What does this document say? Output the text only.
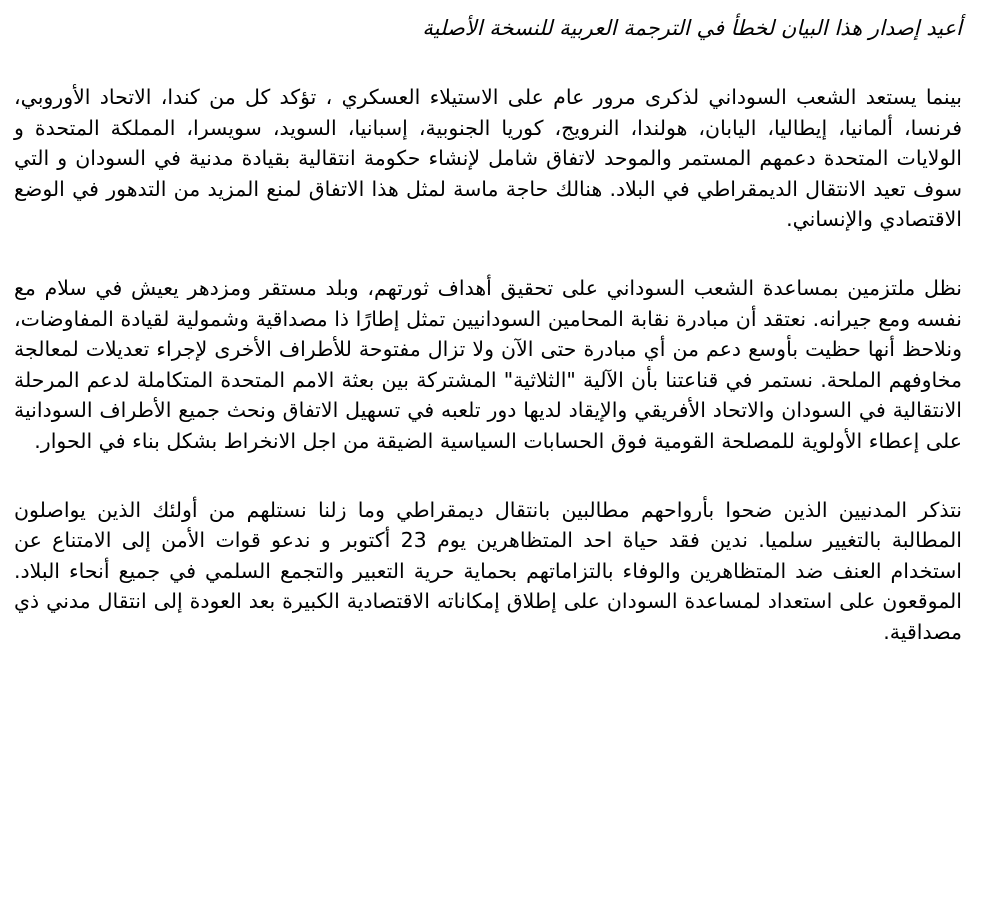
أعيد إصدار هذا البيان لخطأ في الترجمة العربية للنسخة الأصلية

بينما يستعد الشعب السوداني لذكرى مرور عام على الاستيلاء العسكري ، تؤكد كل من كندا، الاتحاد الأوروبي، فرنسا، ألمانيا، إيطاليا، اليابان، هولندا، النرويج، كوريا الجنوبية، إسبانيا، السويد، سويسرا، المملكة المتحدة و الولايات المتحدة دعمهم المستمر والموحد لاتفاق شامل لإنشاء حكومة انتقالية بقيادة مدنية في السودان و التي سوف تعيد الانتقال الديمقراطي في البلاد. هنالك حاجة ماسة لمثل هذا الاتفاق لمنع المزيد من التدهور في الوضع الاقتصادي والإنساني.

نظل ملتزمين بمساعدة الشعب السوداني على تحقيق أهداف ثورتهم، وبلد مستقر ومزدهر يعيش في سلام مع نفسه ومع جيرانه. نعتقد أن مبادرة نقابة المحامين السودانيين تمثل إطارًا ذا مصداقية وشمولية لقيادة المفاوضات، ونلاحظ أنها حظيت بأوسع دعم من أي مبادرة حتى الآن ولا تزال مفتوحة للأطراف الأخرى لإجراء تعديلات لمعالجة مخاوفهم الملحة. نستمر في قناعتنا بأن الآلية "الثلاثية" المشتركة بين بعثة الامم المتحدة المتكاملة لدعم المرحلة الانتقالية في السودان والاتحاد الأفريقي والإيقاد لديها دور تلعبه في تسهيل الاتفاق ونحث جميع الأطراف السودانية على إعطاء الأولوية للمصلحة القومية فوق الحسابات السياسية الضيقة من اجل الانخراط بشكل بناء في الحوار.

نتذكر المدنيين الذين ضحوا بأرواحهم مطالبين بانتقال ديمقراطي وما زلنا نستلهم من أولئك الذين يواصلون المطالبة بالتغيير سلميا. ندين فقد حياة احد المتظاهرين يوم 23 أكتوبر و ندعو قوات الأمن إلى الامتناع عن استخدام العنف ضد المتظاهرين والوفاء بالتزاماتهم بحماية حرية التعبير والتجمع السلمي في جميع أنحاء البلاد. الموقعون على استعداد لمساعدة السودان على إطلاق إمكاناته الاقتصادية الكبيرة بعد العودة إلى انتقال مدني ذي مصداقية.
